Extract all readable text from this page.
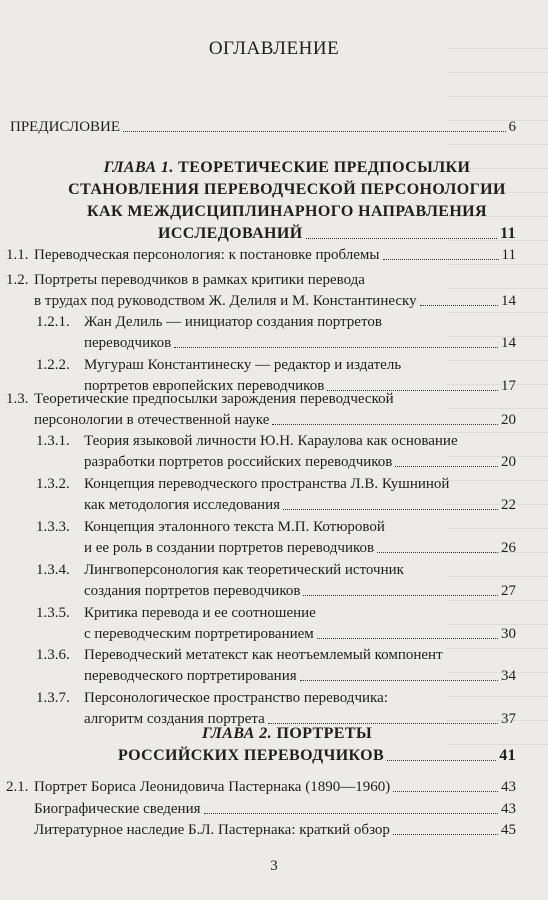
ОГЛАВЛЕНИЕ
ПРЕДИСЛОВИЕ	6
ГЛАВА 1. ТЕОРЕТИЧЕСКИЕ ПРЕДПОСЫЛКИ
СТАНОВЛЕНИЯ ПЕРЕВОДЧЕСКОЙ ПЕРСОНОЛОГИИ
КАК МЕЖДИСЦИПЛИНАРНОГО НАПРАВЛЕНИЯ
ИССЛЕДОВАНИЙ	11
1.1. Переводческая персонология: к постановке проблемы	11
1.2. Портреты переводчиков в рамках критики перевода
в трудах под руководством Ж. Делиля и М. Константинеску	14
1.2.1. Жан Делиль — инициатор создания портретов
переводчиков	14
1.2.2. Мугураш Константинеску — редактор и издатель
портретов европейских переводчиков	17
1.3. Теоретические предпосылки зарождения переводческой
персонологии в отечественной науке	20
1.3.1. Теория языковой личности Ю.Н. Караулова как основание
разработки портретов российских переводчиков	20
1.3.2. Концепция переводческого пространства Л.В. Кушниной
как методология исследования	22
1.3.3. Концепция эталонного текста М.П. Котюровой
и ее роль в создании портретов переводчиков	26
1.3.4. Лингвоперсонология как теоретический источник
создания портретов переводчиков	27
1.3.5. Критика перевода и ее соотношение
с переводческим портретированием	30
1.3.6. Переводческий метатекст как неотъемлемый компонент
переводческого портретирования	34
1.3.7. Персонологическое пространство переводчика:
алгоритм создания портрета	37
ГЛАВА 2. ПОРТРЕТЫ
РОССИЙСКИХ ПЕРЕВОДЧИКОВ	41
2.1. Портрет Бориса Леонидовича Пастернака (1890—1960)	43
Биографические сведения	43
Литературное наследие Б.Л. Пастернака: краткий обзор	45
3
